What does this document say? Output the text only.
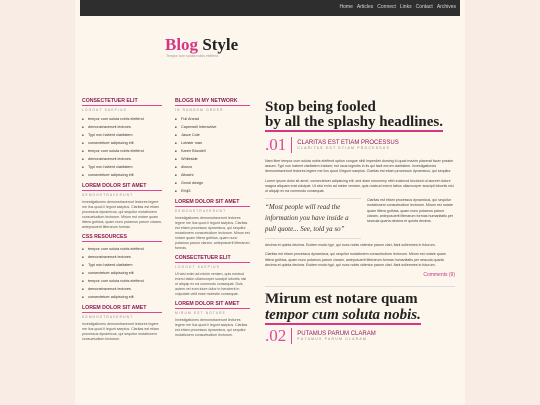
Home Articles Connect Links Contact Archives
Blog Style
Tempor cum soluta nobis eleifend
CONSECTETUER ELIT
LOGOUT SAEPIUS
■ tempor cum soluta nobis eleifend
■ demonstraverunt lectores
■ Typi non habent claritatem
■ consectetuer adipiscing elit
■ tempor cum soluta nobis eleifend
■ demonstraverunt lectores
■ Typi non habent claritatem
■ consectetuer adipiscing elit
LOREM DOLOR SIT AMET
DEMONSTRAVERUNT

Investigationes demonstraverunt lectores legere me lius quod ii legunt saepius. Claritas est etiam processus dynamicus, qui sequitur mutationem consuetudium lectorum. Mirum est notare quam littera gothica, quam nunc putamus parum claram, anteposuerit litterarum formas.

CSS RESOURCES
■ tempor cum soluta nobis eleifend
■ demonstraverunt lectores
■ Typi non habent claritatem
■ consectetuer adipiscing elit
■ tempor cum soluta nobis eleifend
■ demonstraverunt lectores
■ consectetuer adipiscing elit
LOREM DOLOR SIT AMET
DEMONSTRAVERUNT

Investigationes demonstraverunt lectores legere me lius quod ii legunt saepius. Claritas est etiam processus dynamicus, qui sequitur mutationem consuetudium lectorum.

BLOGS IN MY NETWORK
IN RANDOM ORDER
■ Full Ahead
■ Caperwell Interactive
■ Jasce Cole
■ Lobster man
■ Karen Blundell
■ Whiteside
■ dionzo
■ Albachi
■ Growl design
■ Ethji3
LOREM DOLOR SIT AMET
DEMONSTRAVERUNT

Investigationes demonstraverunt lectores legere me lius quod ii legunt saepius. Claritas est etiam processus dynamicus, qui sequitur mutationem consuetudium lectorum. Mirum est notare quam littera gothica, quam nunc putamus parum claram, anteposuerit litterarum formas.

CONSECTETUER ELIT
LOGOUT SAEPIUS

Ut wisi enim ad minim veniam, quis nostrud exerci tation ullamcorper suscipit lobortis nisl ut aliquip ex ea commodo consequat. Duis autem vel eum iriure dolor in hendrerit in vulputate velit esse molestie consequat.

LOREM DOLOR SIT AMET
MIRUM EST NOTARE

Investigationes demonstraverunt lectores legere me lius quod ii legunt saepius. Claritas est etiam processus dynamicus, qui sequitur mutationem consuetudium lectorum.

Stop being fooled
by all the splashy headlines.
.01 CLARITAS EST ETIAM PROCESSUS
CLARITAS EST ETIAM PROCESSUS

Nam liber tempor cum soluta nobis eleifend option congue nihil imperdiet doming id quod mazim placerat facer possim assum. Typi non habent claritatem insitam; est usus legentis in iis qui facit eorum claritatem. Investigationes demonstraverunt lectores legere me lius quod ii legunt saepius. Claritas est etiam processus dynamicus, qui sequitur.

Lorem ipsum dolor sit amet, consectetuer adipiscing elit, sed diam nonummy nibh euismod tincidunt ut laoreet dolore magna aliquam erat volutpat. Ut wisi enim ad minim veniam, quis nostrud exerci tation ullamcorper suscipit lobortis nisl ut aliquip ex ea commodo consequat.

“Most people will read the information you have inside a pull quote... See, told ya so”

Claritas est etiam processus dynamicus, qui sequitur mutationem consuetudium lectorum. Mirum est notare quam littera gothica, quam nunc putamus parum claram, anteposuerit litterarum formas humanitatis per seacula quarta decima et quinta decima.

decima et quinta decima. Eodem modo typi, qui nunc nobis videntur parum clari, fiant sollemnes in futurum.

Claritas est etiam processus dynamicus, qui sequitur mutationem consuetudium lectorum. Mirum est notare quam littera gothica, quam nunc putamus parum claram, anteposuerit litterarum formas humanitatis per seacula quarta decima et quinta decima. Eodem modo typi, qui nunc nobis videntur parum clari, fiant sollemnes in futurum.

Comments (9)
Mirum est notare quam
tempor cum soluta nobis.
.02 PUTAMUS PARUM CLARAM
PUTAMUS PARUM CLARAM
